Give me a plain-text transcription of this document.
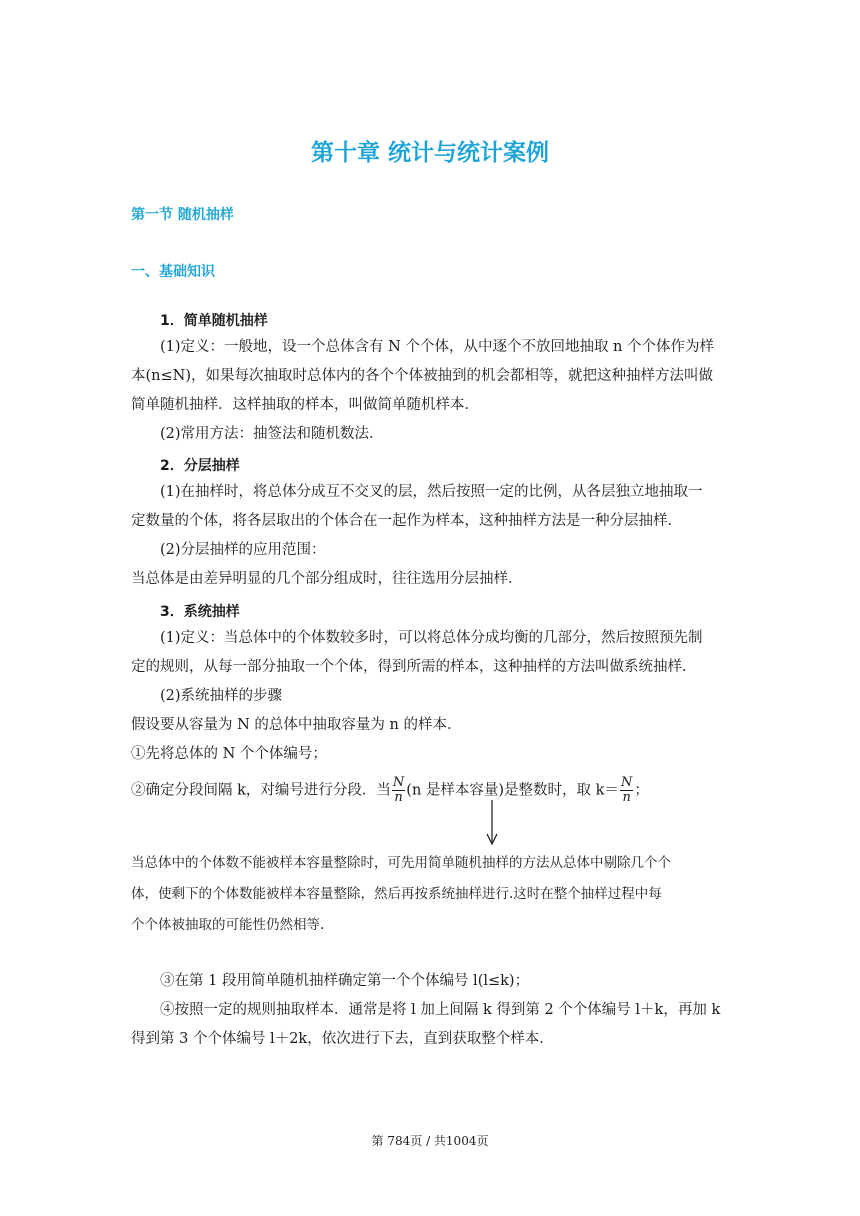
第十章 统计与统计案例
第一节 随机抽样
一、基础知识
1．简单随机抽样
(1)定义：一般地，设一个总体含有 N 个个体，从中逐个不放回地抽取 n 个个体作为样
本(n≤N)，如果每次抽取时总体内的各个个体被抽到的机会都相等，就把这种抽样方法叫做
简单随机抽样．这样抽取的样本，叫做简单随机样本．
(2)常用方法：抽签法和随机数法．
2．分层抽样
(1)在抽样时，将总体分成互不交叉的层，然后按照一定的比例，从各层独立地抽取一
定数量的个体，将各层取出的个体合在一起作为样本，这种抽样方法是一种分层抽样．
(2)分层抽样的应用范围：
当总体是由差异明显的几个部分组成时，往往选用分层抽样．
3．系统抽样
(1)定义：当总体中的个体数较多时，可以将总体分成均衡的几部分，然后按照预先制
定的规则，从每一部分抽取一个个体，得到所需的样本，这种抽样的方法叫做系统抽样．
(2)系统抽样的步骤
假设要从容量为 N 的总体中抽取容量为 n 的样本．
①先将总体的 N 个个体编号；
②确定分段间隔 k，对编号进行分段．当 $\frac{N}{n} (n$ 是样本容量)是整数时，取 $k= \frac{N}{n}$ ；
当总体中的个体数不能被样本容量整除时，可先用简单随机抽样的方法从总体中剔除几个个
体，使剩下的个体数能被样本容量整除，然后再按系统抽样进行.这时在整个抽样过程中每
个个体被抽取的可能性仍然相等.
③在第 1 段用简单随机抽样确定第一个个体编号 l(l≤k)；
④按照一定的规则抽取样本．通常是将 l 加上间隔 k 得到第 2 个个体编号 l＋k，再加 k
得到第 3 个个体编号 l＋2k，依次进行下去，直到获取整个样本．
第 784页 / 共1004页
